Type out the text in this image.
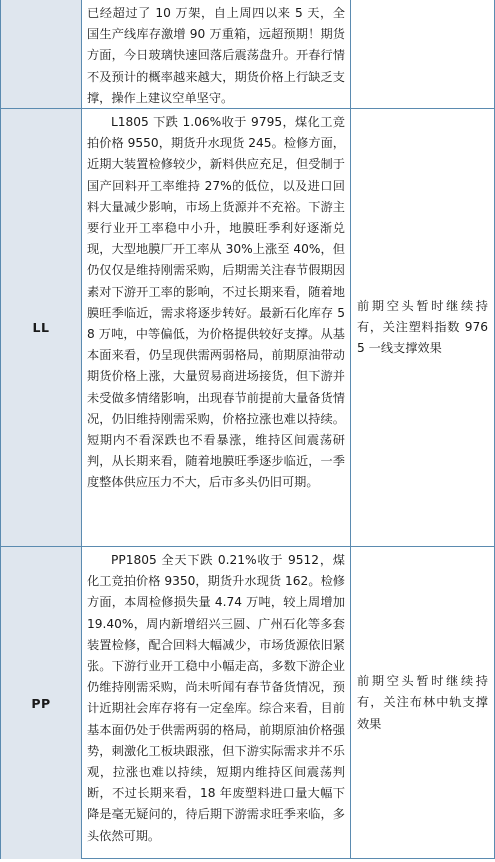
已经超过了 10 万架，自上周四以来 5 天，全国生产线库存激增 90 万重箱，远超预期！期货方面，今日玻璃快速回落后震荡盘升。开春行情不及预计的概率越来越大，期货价格上行缺乏支撑，操作上建议空单坚守。

LL

L1805 下跌 1.06%收于 9795，煤化工竞拍价格 9550，期货升水现货 245。检修方面，近期大装置检修较少，新料供应充足，但受制于国产回料开工率维持 27%的低位，以及进口回料大量减少影响，市场上货源并不充裕。下游主要行业开工率稳中小升，地膜旺季利好逐渐兑现，大型地膜厂开工率从 30%上涨至 40%，但仍仅仅是维持刚需采购，后期需关注春节假期因素对下游开工率的影响，不过长期来看，随着地膜旺季临近，需求将逐步转好。最新石化库存 58 万吨，中等偏低，为价格提供较好支撑。从基本面来看，仍呈现供需两弱格局，前期原油带动期货价格上涨，大量贸易商进场接货，但下游并未受做多情绪影响，出现春节前提前大量备货情况，仍旧维持刚需采购，价格拉涨也难以持续。短期内不看深跌也不看暴涨，维持区间震荡研判，从长期来看，随着地膜旺季逐步临近，一季度整体供应压力不大，后市多头仍旧可期。

前期空头暂时继续持有，关注塑料指数 9765 一线支撑效果

PP

PP1805 全天下跌 0.21%收于 9512，煤化工竞拍价格 9350，期货升水现货 162。检修方面，本周检修损失量 4.74 万吨，较上周增加 19.40%，周内新增绍兴三圆、广州石化等多套装置检修，配合回料大幅减少，市场货源依旧紧张。下游行业开工稳中小幅走高，多数下游企业仍维持刚需采购，尚未听闻有春节备货情况，预计近期社会库存将有一定垒库。综合来看，目前基本面仍处于供需两弱的格局，前期原油价格强势，刺激化工板块跟涨，但下游实际需求并不乐观，拉涨也难以持续，短期内维持区间震荡判断，不过长期来看，18 年废塑料进口量大幅下降是毫无疑问的，待后期下游需求旺季来临，多头依然可期。

前期空头暂时继续持有，关注布林中轨支撑效果
